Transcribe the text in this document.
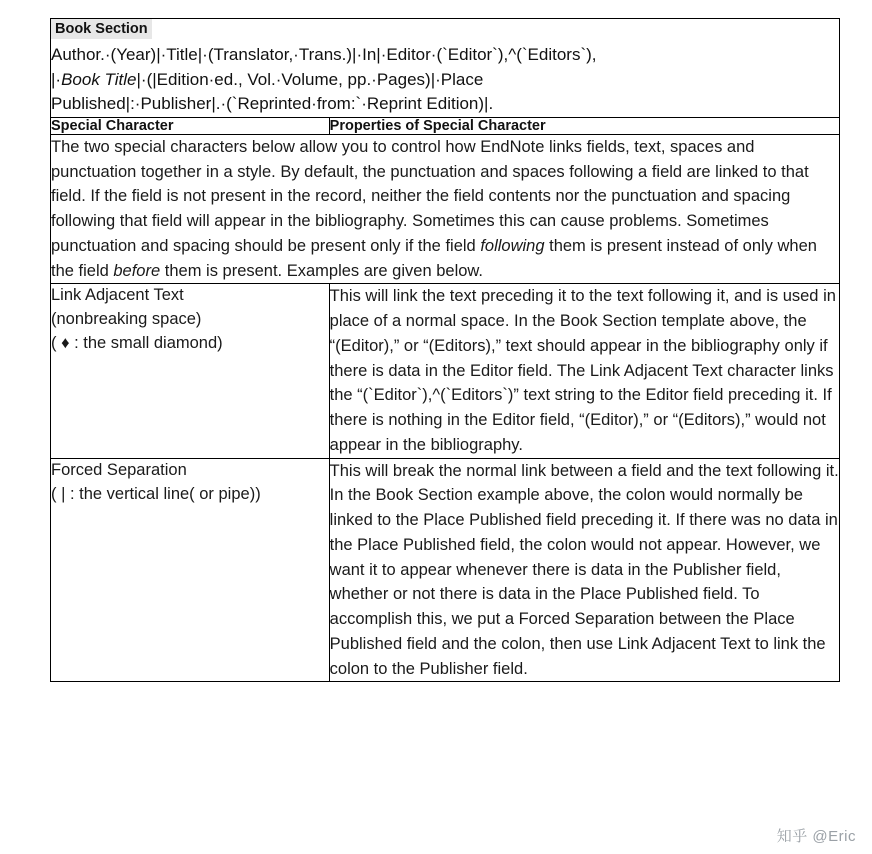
Book Section
Author.·(Year)|·Title|·(Translator,·Trans.)|·In|·Editor·(`Editor`),^(`Editors`),
|·Book Title|·(|Edition·ed., Vol.·Volume, pp.·Pages)|·Place
Published|:·Publisher|.·(`Reprinted·from:`·Reprint Edition)|.	

Special Character	Properties of Special Character
The two special characters below allow you to control how EndNote links fields, text, spaces and punctuation together in a style. By default, the punctuation and spaces following a field are linked to that field. If the field is not present in the record, neither the field contents nor the punctuation and spacing following that field will appear in the bibliography. Sometimes this can cause problems. Sometimes punctuation and spacing should be present only if the field following them is present instead of only when the field before them is present. Examples are given below.	

Link Adjacent Text
(nonbreaking space)
( ♦ : the small diamond)
	This will link the text preceding it to the text following it, and is used in place of a normal space. In the Book Section template above, the “(Editor),” or “(Editors),” text should appear in the bibliography only if there is data in the Editor field. The Link Adjacent Text character links the “(`Editor`),^(`Editors`)” text string to the Editor field preceding it. If there is nothing in the Editor field, “(Editor),” or “(Editors),” would not appear in the bibliography.

Forced Separation
( | : the vertical line( or pipe))	This will break the normal link between a field and the text following it. In the Book Section example above, the colon would normally be linked to the Place Published field preceding it. If there was no data in the Place Published field, the colon would not appear. However, we want it to appear whenever there is data in the Publisher field, whether or not there is data in the Place Published field. To accomplish this, we put a Forced Separation between the Place Published field and the colon, then use Link Adjacent Text to link the colon to the Publisher field.
知乎 @Eric
